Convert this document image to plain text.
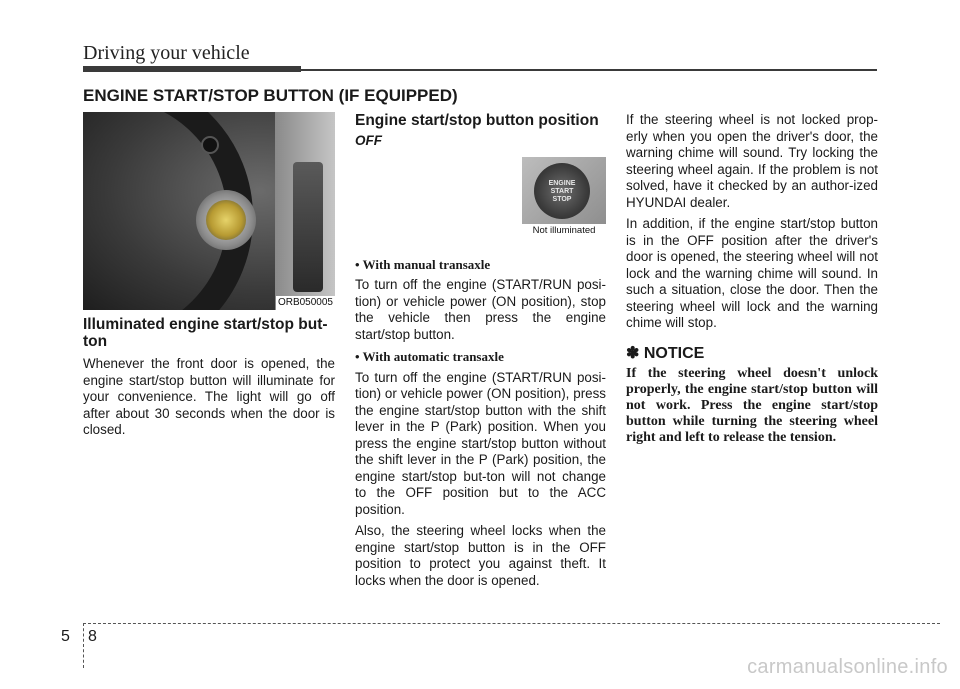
Driving your vehicle
ENGINE START/STOP BUTTON (IF EQUIPPED)
ORB050005
Illuminated engine start/stop but-ton

Whenever the front door is opened, the engine start/stop button will illuminate for your convenience. The light will go off after about 30 seconds when the door is closed.

Engine start/stop button position

OFF

ENGINE
START
STOP
Not illuminated
• With manual transaxle

To turn off the engine (START/RUN posi-tion) or vehicle power (ON position), stop the vehicle then press the engine start/stop button.

• With automatic transaxle

To turn off the engine (START/RUN posi-tion) or vehicle power (ON position), press the engine start/stop button with the shift lever in the P (Park) position. When you press the engine start/stop button without the shift lever in the P (Park) position, the engine start/stop but-ton will not change to the OFF position but to the ACC position.

Also, the steering wheel locks when the engine start/stop button is in the OFF position to protect you against theft. It locks when the door is opened.

If the steering wheel is not locked prop-erly when you open the driver's door, the warning chime will sound. Try locking the steering wheel again. If the problem is not solved, have it checked by an author-ized HYUNDAI dealer.

In addition, if the engine start/stop button is in the OFF position after the driver's door is opened, the steering wheel will not lock and the warning chime will sound. In such a situation, close the door. Then the steering wheel will lock and the warning chime will stop.

✽ NOTICE

If the steering wheel doesn't unlock properly, the engine start/stop button will not work. Press the engine start/stop button while turning the steering wheel right and left to release the tension.

5 8
carmanualsonline.info
